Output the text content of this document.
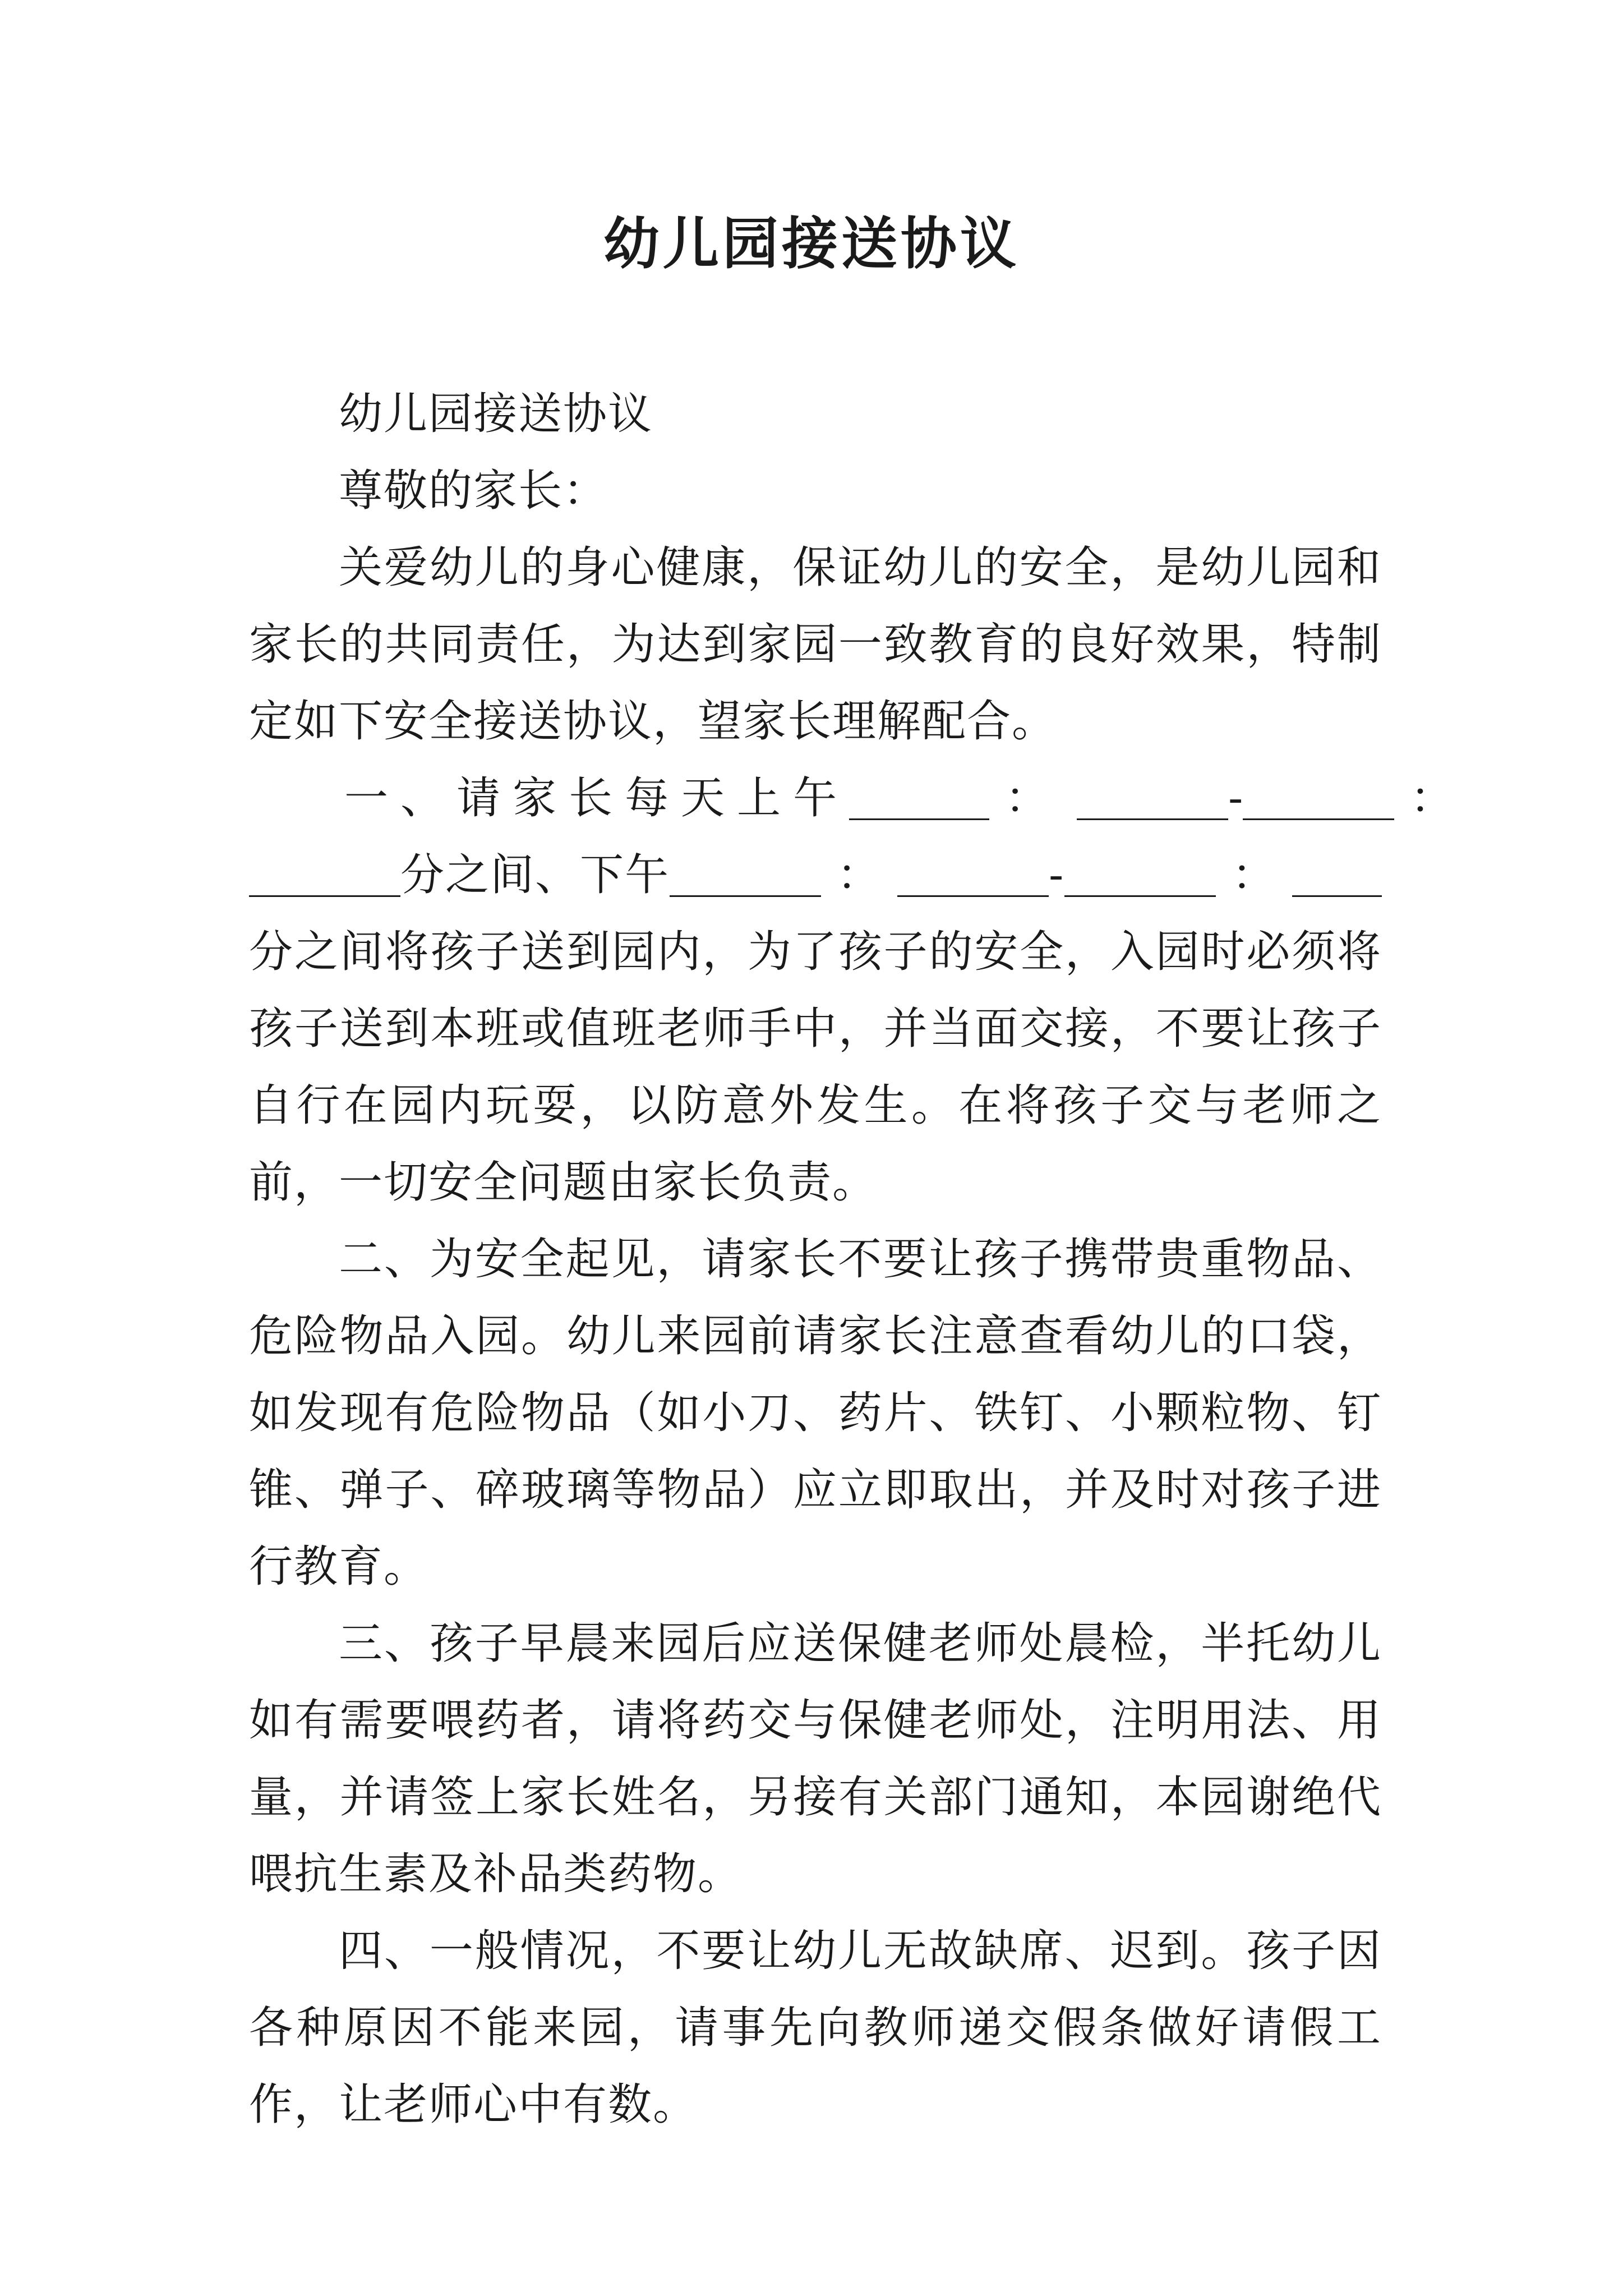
幼儿园接送协议

幼儿园接送协议

尊敬的家长：

关爱幼儿的身心健康，保证幼儿的安全，是幼儿园和家长的共同责任，为达到家园一致教育的良好效果，特制定如下安全接送协议，望家长理解配合。

一、请家长每天上午	：	-	：
分之间、下午	：	-	：

分之间将孩子送到园内，为了孩子的安全，入园时必须将孩子送到本班或值班老师手中，并当面交接，不要让孩子自行在园内玩耍，以防意外发生。在将孩子交与老师之前，一切安全问题由家长负责。

二、为安全起见，请家长不要让孩子携带贵重物品、危险物品入园。幼儿来园前请家长注意查看幼儿的口袋，如发现有危险物品（如小刀、药片、铁钉、小颗粒物、钉锥、弹子、碎玻璃等物品）应立即取出，并及时对孩子进行教育。

三、孩子早晨来园后应送保健老师处晨检，半托幼儿如有需要喂药者，请将药交与保健老师处，注明用法、用量，并请签上家长姓名，另接有关部门通知，本园谢绝代喂抗生素及补品类药物。

四、一般情况，不要让幼儿无故缺席、迟到。孩子因各种原因不能来园，请事先向教师递交假条做好请假工作，让老师心中有数。
